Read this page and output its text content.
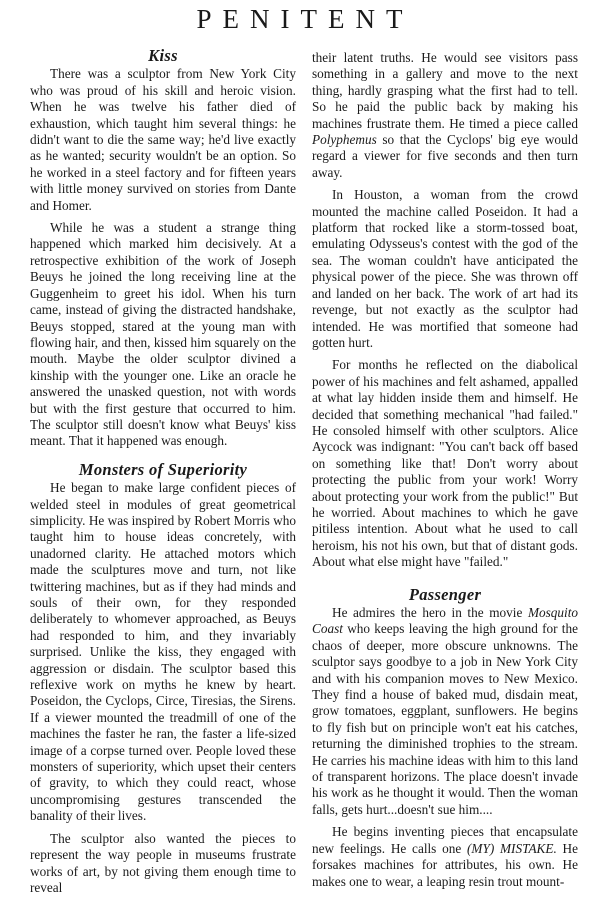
PENITENT
Kiss

There was a sculptor from New York City who was proud of his skill and heroic vision. When he was twelve his father died of exhaustion, which taught him several things: he didn't want to die the same way; he'd live exactly as he wanted; security wouldn't be an option. So he worked in a steel factory and for fifteen years with little money survived on stories from Dante and Homer.

While he was a student a strange thing happened which marked him decisively. At a retrospective exhibition of the work of Joseph Beuys he joined the long receiving line at the Guggenheim to greet his idol. When his turn came, instead of giving the distracted handshake, Beuys stopped, stared at the young man with flowing hair, and then, kissed him squarely on the mouth. Maybe the older sculptor divined a kinship with the younger one. Like an oracle he answered the unasked question, not with words but with the first gesture that occurred to him. The sculptor still doesn't know what Beuys' kiss meant. That it happened was enough.

Monsters of Superiority

He began to make large confident pieces of welded steel in modules of great geometrical simplicity. He was inspired by Robert Morris who taught him to house ideas concretely, with unadorned clarity. He attached motors which made the sculptures move and turn, not like twittering machines, but as if they had minds and souls of their own, for they responded deliberately to whomever approached, as Beuys had responded to him, and they invariably surprised. Unlike the kiss, they engaged with aggression or disdain. The sculptor based this reflexive work on myths he knew by heart. Poseidon, the Cyclops, Circe, Tiresias, the Sirens. If a viewer mounted the treadmill of one of the machines the faster he ran, the faster a life-sized image of a corpse turned over. People loved these monsters of superiority, which upset their centers of gravity, to which they could react, whose uncompromising gestures transcended the banality of their lives.

The sculptor also wanted the pieces to represent the way people in museums frustrate works of art, by not giving them enough time to reveal

their latent truths. He would see visitors pass something in a gallery and move to the next thing, hardly grasping what the first had to tell. So he paid the public back by making his machines frustrate them. He timed a piece called Polyphemus so that the Cyclops' big eye would regard a viewer for five seconds and then turn away.

In Houston, a woman from the crowd mounted the machine called Poseidon. It had a platform that rocked like a storm-tossed boat, emulating Odysseus's contest with the god of the sea. The woman couldn't have anticipated the physical power of the piece. She was thrown off and landed on her back. The work of art had its revenge, but not exactly as the sculptor had intended. He was mortified that someone had gotten hurt.

For months he reflected on the diabolical power of his machines and felt ashamed, appalled at what lay hidden inside them and himself. He decided that something mechanical "had failed." He consoled himself with other sculptors. Alice Aycock was indignant: "You can't back off based on something like that! Don't worry about protecting the public from your work! Worry about protecting your work from the public!" But he worried. About machines to which he gave pitiless intention. About what he used to call heroism, his not his own, but that of distant gods. About what else might have "failed."

Passenger

He admires the hero in the movie Mosquito Coast who keeps leaving the high ground for the chaos of deeper, more obscure unknowns. The sculptor says goodbye to a job in New York City and with his companion moves to New Mexico. They find a house of baked mud, disdain meat, grow tomatoes, eggplant, sunflowers. He begins to fly fish but on principle won't eat his catches, returning the diminished trophies to the stream. He carries his machine ideas with him to this land of transparent horizons. The place doesn't invade his work as he thought it would. Then the woman falls, gets hurt...doesn't sue him....

He begins inventing pieces that encapsulate new feelings. He calls one (MY) MISTAKE. He forsakes machines for attributes, his own. He makes one to wear, a leaping resin trout mount-
